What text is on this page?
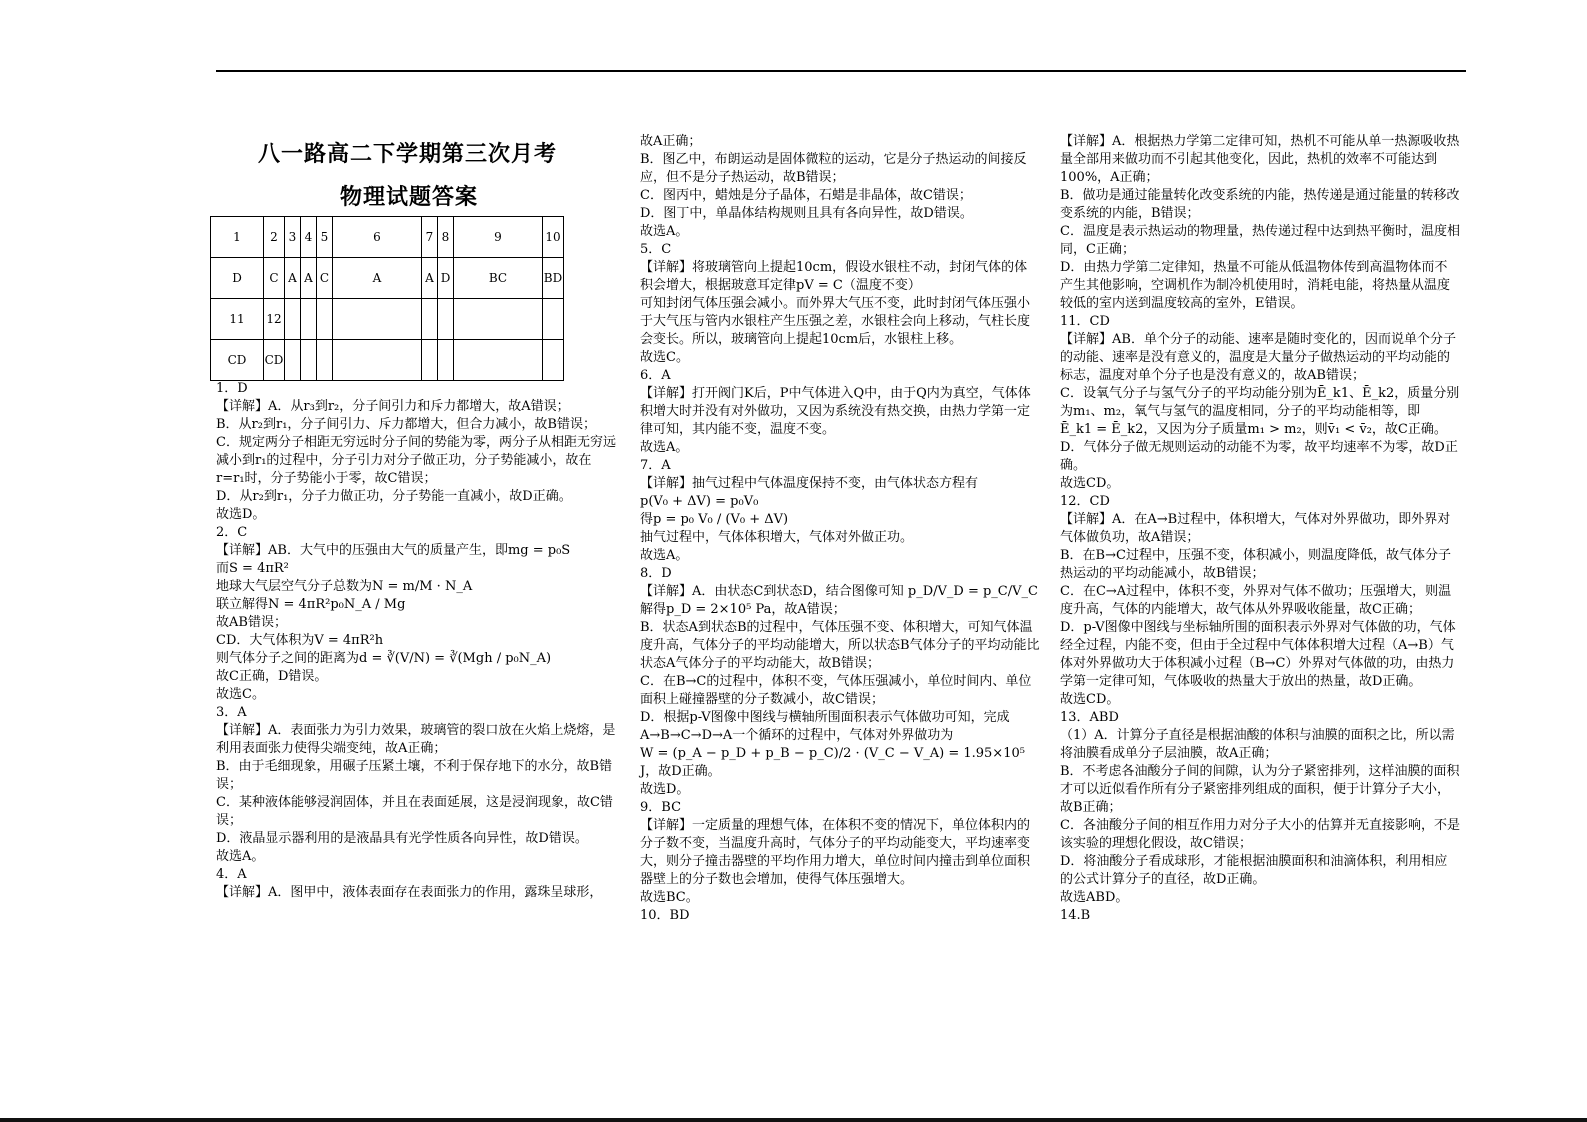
八一路高二下学期第三次月考
物理试题答案
1	2	3	4	5	6	7	8	9	10
D	C	A	A	C	A	A	D	BC	BD
11	12								
CD	CD								

1．D

【详解】A．从r₃到r₂，分子间引力和斥力都增大，故A错误；

B．从r₂到r₁，分子间引力、斥力都增大，但合力减小，故B错误；

C．规定两分子相距无穷远时分子间的势能为零，两分子从相距无穷远减小到r₁的过程中，分子引力对分子做正功，分子势能减小，故在r=r₁时，分子势能小于零，故C错误；

D．从r₂到r₁，分子力做正功，分子势能一直减小，故D正确。

故选D。

2．C

【详解】AB．大气中的压强由大气的质量产生，即mg = p₀S

而S = 4πR²

地球大气层空气分子总数为N = m/M · N_A

联立解得N = 4πR²p₀N_A / Mg

故AB错误；

CD．大气体积为V = 4πR²h

则气体分子之间的距离为d = ∛(V/N) = ∛(Mgh / p₀N_A)

故C正确，D错误。

故选C。

3．A

【详解】A．表面张力为引力效果，玻璃管的裂口放在火焰上烧熔，是利用表面张力使得尖端变纯，故A正确；

B．由于毛细现象，用碾子压紧土壤，不利于保存地下的水分，故B错误；

C．某种液体能够浸润固体，并且在表面延展，这是浸润现象，故C错误；

D．液晶显示器利用的是液晶具有光学性质各向异性，故D错误。

故选A。

4．A

【详解】A．图甲中，液体表面存在表面张力的作用，露珠呈球形，

故A正确；

B．图乙中，布朗运动是固体微粒的运动，它是分子热运动的间接反应，但不是分子热运动，故B错误；

C．图丙中，蜡烛是分子晶体，石蜡是非晶体，故C错误；

D．图丁中，单晶体结构规则且具有各向异性，故D错误。

故选A。

5．C

【详解】将玻璃管向上提起10cm，假设水银柱不动，封闭气体的体积会增大，根据玻意耳定律pV = C（温度不变）

可知封闭气体压强会减小。而外界大气压不变，此时封闭气体压强小于大气压与管内水银柱产生压强之差，水银柱会向上移动，气柱长度会变长。所以，玻璃管向上提起10cm后，水银柱上移。

故选C。

6．A

【详解】打开阀门K后，P中气体进入Q中，由于Q内为真空，气体体积增大时并没有对外做功，又因为系统没有热交换，由热力学第一定律可知，其内能不变，温度不变。

故选A。

7．A

【详解】抽气过程中气体温度保持不变，由气体状态方程有

p(V₀ + ΔV) = p₀V₀

得p = p₀ V₀ / (V₀ + ΔV)

抽气过程中，气体体积增大，气体对外做正功。

故选A。

8．D

【详解】A．由状态C到状态D，结合图像可知 p_D/V_D = p_C/V_C

解得p_D = 2×10⁵ Pa，故A错误；

B．状态A到状态B的过程中，气体压强不变、体积增大，可知气体温度升高，气体分子的平均动能增大，所以状态B气体分子的平均动能比状态A气体分子的平均动能大，故B错误；

C．在B→C的过程中，体积不变，气体压强减小，单位时间内、单位面积上碰撞器壁的分子数减小，故C错误；

D．根据p-V图像中图线与横轴所围面积表示气体做功可知，完成A→B→C→D→A一个循环的过程中，气体对外界做功为

W = (p_A − p_D + p_B − p_C)/2 · (V_C − V_A) = 1.95×10⁵ J，故D正确。

故选D。

9．BC

【详解】一定质量的理想气体，在体积不变的情况下，单位体积内的分子数不变，当温度升高时，气体分子的平均动能变大，平均速率变大，则分子撞击器壁的平均作用力增大，单位时间内撞击到单位面积器壁上的分子数也会增加，使得气体压强增大。

故选BC。

10．BD

【详解】A．根据热力学第二定律可知，热机不可能从单一热源吸收热量全部用来做功而不引起其他变化，因此，热机的效率不可能达到100%，A正确；

B．做功是通过能量转化改变系统的内能，热传递是通过能量的转移改变系统的内能，B错误；

C．温度是表示热运动的物理量，热传递过程中达到热平衡时，温度相同，C正确；

D．由热力学第二定律知，热量不可能从低温物体传到高温物体而不产生其他影响，空调机作为制冷机使用时，消耗电能，将热量从温度较低的室内送到温度较高的室外，E错误。

11．CD

【详解】AB．单个分子的动能、速率是随时变化的，因而说单个分子的动能、速率是没有意义的，温度是大量分子做热运动的平均动能的标志，温度对单个分子也是没有意义的，故AB错误；

C．设氧气分子与氢气分子的平均动能分别为Ē_k1、Ē_k2，质量分别为m₁、m₂，氧气与氢气的温度相同，分子的平均动能相等，即

Ē_k1 = Ē_k2，又因为分子质量m₁ > m₂，则v̄₁ < v̄₂，故C正确。

D．气体分子做无规则运动的动能不为零，故平均速率不为零，故D正确。

故选CD。

12．CD

【详解】A．在A→B过程中，体积增大，气体对外界做功，即外界对气体做负功，故A错误；

B．在B→C过程中，压强不变，体积减小，则温度降低，故气体分子热运动的平均动能减小，故B错误；

C．在C→A过程中，体积不变，外界对气体不做功；压强增大，则温度升高，气体的内能增大，故气体从外界吸收能量，故C正确；

D．p-V图像中图线与坐标轴所围的面积表示外界对气体做的功，气体经全过程，内能不变，但由于全过程中气体体积增大过程（A→B）气体对外界做功大于体积减小过程（B→C）外界对气体做的功，由热力学第一定律可知，气体吸收的热量大于放出的热量，故D正确。

故选CD。

13．ABD

（1）A．计算分子直径是根据油酸的体积与油膜的面积之比，所以需将油膜看成单分子层油膜，故A正确；

B．不考虑各油酸分子间的间隙，认为分子紧密排列，这样油膜的面积才可以近似看作所有分子紧密排列组成的面积，便于计算分子大小，故B正确；

C．各油酸分子间的相互作用力对分子大小的估算并无直接影响，不是该实验的理想化假设，故C错误；

D．将油酸分子看成球形，才能根据油膜面积和油滴体积，利用相应的公式计算分子的直径，故D正确。

故选ABD。

14.B
